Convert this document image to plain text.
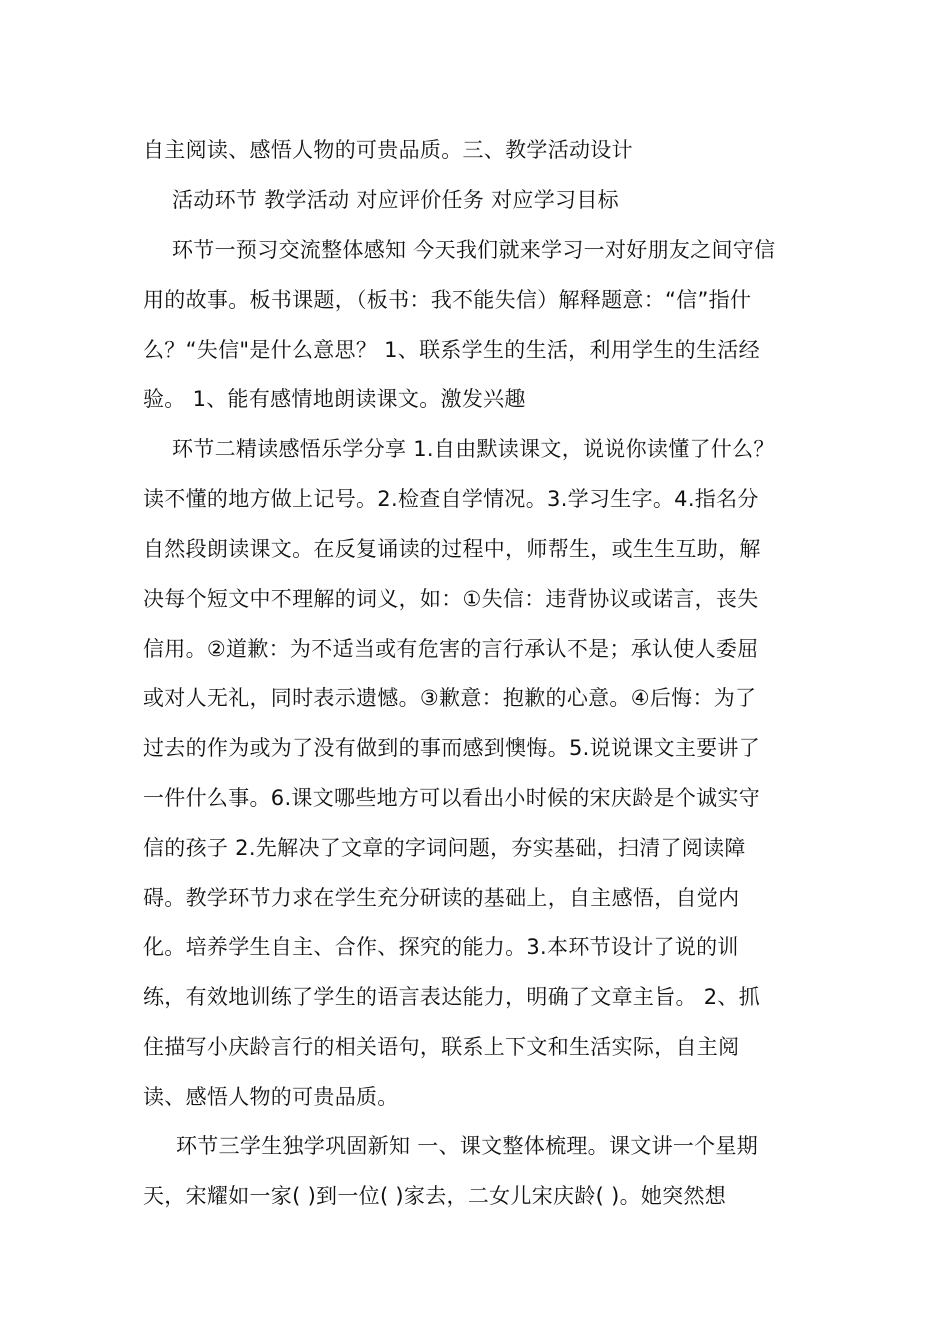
自主阅读、感悟人物的可贵品质。三、教学活动设计
活动环节 教学活动 对应评价任务 对应学习目标
环节一预习交流整体感知 今天我们就来学习一对好朋友之间守信
用的故事。板书课题，（板书：我不能失信）解释题意：“信”指什
么？“失信"是什么意思？ 1、联系学生的生活，利用学生的生活经
验。 1、能有感情地朗读课文。激发兴趣
环节二精读感悟乐学分享 1.自由默读课文，说说你读懂了什么？
读不懂的地方做上记号。2.检查自学情况。3.学习生字。4.指名分
自然段朗读课文。在反复诵读的过程中，师帮生，或生生互助，解
决每个短文中不理解的词义，如：①失信：违背协议或诺言，丧失
信用。②道歉：为不适当或有危害的言行承认不是；承认使人委屈
或对人无礼，同时表示遗憾。③歉意：抱歉的心意。④后悔：为了
过去的作为或为了没有做到的事而感到懊悔。5.说说课文主要讲了
一件什么事。6.课文哪些地方可以看出小时候的宋庆龄是个诚实守
信的孩子 2.先解决了文章的字词问题，夯实基础，扫清了阅读障
碍。教学环节力求在学生充分研读的基础上，自主感悟，自觉内
化。培养学生自主、合作、探究的能力。3.本环节设计了说的训
练，有效地训练了学生的语言表达能力，明确了文章主旨。 2、抓
住描写小庆龄言行的相关语句，联系上下文和生活实际，自主阅
读、感悟人物的可贵品质。
环节三学生独学巩固新知 一、课文整体梳理。课文讲一个星期
天，宋耀如一家( )到一位( )家去，二女儿宋庆龄( )。她突然想
